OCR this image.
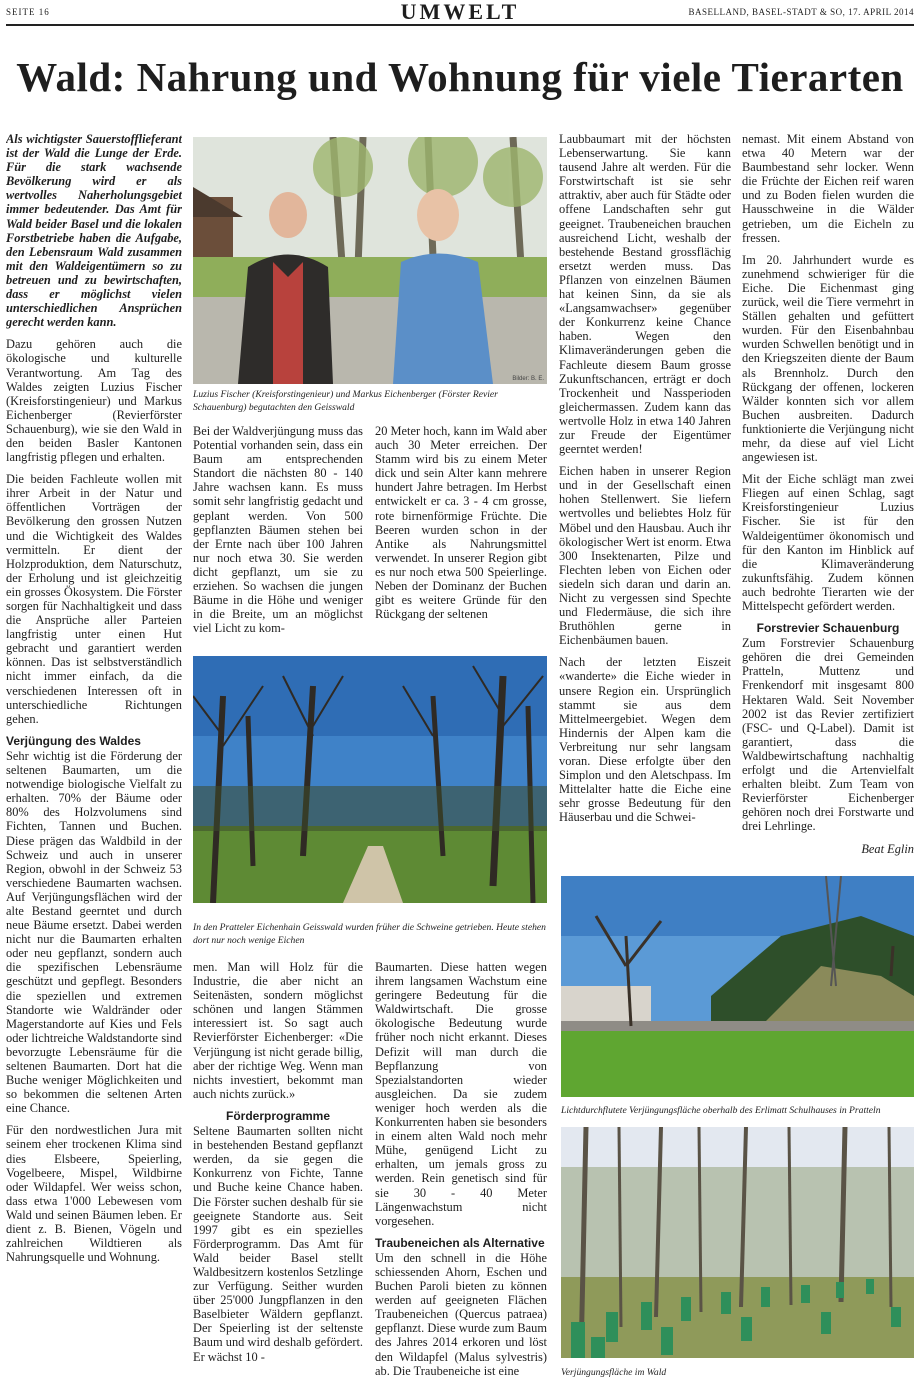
SEITE 16	UMWELT	BASELLAND, BASEL-STADT & SO, 17. APRIL 2014
Wald: Nahrung und Wohnung für viele Tierarten

Als wichtigster Sauerstofflieferant ist der Wald die Lunge der Erde. Für die stark wachsende Bevölkerung wird er als wertvolles Naherholungsgebiet immer bedeutender. Das Amt für Wald beider Basel und die lokalen Forstbetriebe haben die Aufgabe, den Lebensraum Wald zusammen mit den Waldeigentümern so zu betreuen und zu bewirtschaften, dass er möglichst vielen unterschiedlichen Ansprüchen gerecht werden kann.

Dazu gehören auch die ökologische und kulturelle Verantwortung. Am Tag des Waldes zeigten Luzius Fischer (Kreisforstingenieur) und Markus Eichenberger (Revierförster Schauenburg), wie sie den Wald in den beiden Basler Kantonen langfristig pflegen und erhalten.

Die beiden Fachleute wollen mit ihrer Arbeit in der Natur und öffentlichen Vorträgen der Bevölkerung den grossen Nutzen und die Wichtigkeit des Waldes vermitteln. Er dient der Holzproduktion, dem Naturschutz, der Erholung und ist gleichzeitig ein grosses Ökosystem. Die Förster sorgen für Nachhaltigkeit und dass die Ansprüche aller Parteien langfristig unter einen Hut gebracht und garantiert werden können. Das ist selbstverständlich nicht immer einfach, da die verschiedenen Interessen oft in unterschiedliche Richtungen gehen.

Verjüngung des Waldes

Sehr wichtig ist die Förderung der seltenen Baumarten, um die notwendige biologische Vielfalt zu erhalten. 70% der Bäume oder 80% des Holzvolumens sind Fichten, Tannen und Buchen. Diese prägen das Waldbild in der Schweiz und auch in unserer Region, obwohl in der Schweiz 53 verschiedene Baumarten wachsen. Auf Verjüngungsflächen wird der alte Bestand geerntet und durch neue Bäume ersetzt. Dabei werden nicht nur die Baumarten erhalten oder neu gepflanzt, sondern auch die spezifischen Lebensräume geschützt und gepflegt. Besonders die speziellen und extremen Standorte wie Waldränder oder Magerstandorte auf Kies und Fels oder lichtreiche Waldstandorte sind bevorzugte Lebensräume für die seltenen Baumarten. Dort hat die Buche weniger Möglichkeiten und so bekommen die seltenen Arten eine Chance.

Für den nordwestlichen Jura mit seinem eher trockenen Klima sind dies Elsbeere, Speierling, Vogelbeere, Mispel, Wildbirne oder Wildapfel. Wer weiss schon, dass etwa 1'000 Lebewesen vom Wald und seinen Bäumen leben. Er dient z. B. Bienen, Vögeln und zahlreichen Wildtieren als Nahrungsquelle und Wohnung.

Bilder: B. E.
Luzius Fischer (Kreisforstingenieur) und Markus Eichenberger (Förster Revier Schauenburg) begutachten den Geisswald

Bei der Waldverjüngung muss das Potential vorhanden sein, dass ein Baum am entsprechenden Standort die nächsten 80 - 140 Jahre wachsen kann. Es muss somit sehr langfristig gedacht und geplant werden. Von 500 gepflanzten Bäumen stehen bei der Ernte nach über 100 Jahren nur noch etwa 30. Sie werden dicht gepflanzt, um sie zu erziehen. So wachsen die jungen Bäume in die Höhe und weniger in die Breite, um an möglichst viel Licht zu kom-

20 Meter hoch, kann im Wald aber auch 30 Meter erreichen. Der Stamm wird bis zu einem Meter dick und sein Alter kann mehrere hundert Jahre betragen. Im Herbst entwickelt er ca. 3 - 4 cm grosse, rote birnenförmige Früchte. Die Beeren wurden schon in der Antike als Nahrungsmittel verwendet. In unserer Region gibt es nur noch etwa 500 Speierlinge. Neben der Dominanz der Buchen gibt es weitere Gründe für den Rückgang der seltenen

In den Pratteler Eichenhain Geisswald wurden früher die Schweine getrieben. Heute stehen dort nur noch wenige Eichen

men. Man will Holz für die Industrie, die aber nicht an Seitenästen, sondern möglichst schönen und langen Stämmen interessiert ist. So sagt auch Revierförster Eichenberger: «Die Verjüngung ist nicht gerade billig, aber der richtige Weg. Wenn man nichts investiert, bekommt man auch nichts zurück.»

Förderprogramme

Seltene Baumarten sollten nicht in bestehenden Bestand gepflanzt werden, da sie gegen die Konkurrenz von Fichte, Tanne und Buche keine Chance haben. Die Förster suchen deshalb für sie geeignete Standorte aus. Seit 1997 gibt es ein spezielles Förderprogramm. Das Amt für Wald beider Basel stellt Waldbesitzern kostenlos Setzlinge zur Verfügung. Seither wurden über 25'000 Jungpflanzen in den Baselbieter Wäldern gepflanzt. Der Speierling ist der seltenste Baum und wird deshalb gefördert. Er wächst 10 -

Baumarten. Diese hatten wegen ihrem langsamen Wachstum eine geringere Bedeutung für die Waldwirtschaft. Die grosse ökologische Bedeutung wurde früher noch nicht erkannt. Dieses Defizit will man durch die Bepflanzung von Spezialstandorten wieder ausgleichen. Da sie zudem weniger hoch werden als die Konkurrenten haben sie besonders in einem alten Wald noch mehr Mühe, genügend Licht zu erhalten, um jemals gross zu werden. Rein genetisch sind für sie 30 - 40 Meter Längenwachstum nicht vorgesehen.

Traubeneichen als Alternative

Um den schnell in die Höhe schiessenden Ahorn, Eschen und Buchen Paroli bieten zu können werden auf geeigneten Flächen Traubeneichen (Quercus patraea) gepflanzt. Diese wurde zum Baum des Jahres 2014 erkoren und löst den Wildapfel (Malus sylvestris) ab. Die Traubeneiche ist eine

Laubbaumart mit der höchsten Lebenserwartung. Sie kann tausend Jahre alt werden. Für die Forstwirtschaft ist sie sehr attraktiv, aber auch für Städte oder offene Landschaften sehr gut geeignet. Traubeneichen brauchen ausreichend Licht, weshalb der bestehende Bestand grossflächig ersetzt werden muss. Das Pflanzen von einzelnen Bäumen hat keinen Sinn, da sie als «Langsamwachser» gegenüber der Konkurrenz keine Chance haben. Wegen den Klimaveränderungen geben die Fachleute diesem Baum grosse Zukunftschancen, erträgt er doch Trockenheit und Nassperioden gleichermassen. Zudem kann das wertvolle Holz in etwa 140 Jahren zur Freude der Eigentümer geerntet werden!

Eichen haben in unserer Region und in der Gesellschaft einen hohen Stellenwert. Sie liefern wertvolles und beliebtes Holz für Möbel und den Hausbau. Auch ihr ökologischer Wert ist enorm. Etwa 300 Insektenarten, Pilze und Flechten leben von Eichen oder siedeln sich daran und darin an. Nicht zu vergessen sind Spechte und Fledermäuse, die sich ihre Bruthöhlen gerne in Eichenbäumen bauen.

Nach der letzten Eiszeit «wanderte» die Eiche wieder in unsere Region ein. Ursprünglich stammt sie aus dem Mittelmeergebiet. Wegen dem Hindernis der Alpen kam die Verbreitung nur sehr langsam voran. Diese erfolgte über den Simplon und den Aletschpass. Im Mittelalter hatte die Eiche eine sehr grosse Bedeutung für den Häuserbau und die Schwei-

nemast. Mit einem Abstand von etwa 40 Metern war der Baumbestand sehr locker. Wenn die Früchte der Eichen reif waren und zu Boden fielen wurden die Hausschweine in die Wälder getrieben, um die Eicheln zu fressen.

Im 20. Jahrhundert wurde es zunehmend schwieriger für die Eiche. Die Eichenmast ging zurück, weil die Tiere vermehrt in Ställen gehalten und gefüttert wurden. Für den Eisenbahnbau wurden Schwellen benötigt und in den Kriegszeiten diente der Baum als Brennholz. Durch den Rückgang der offenen, lockeren Wälder konnten sich vor allem Buchen ausbreiten. Dadurch funktionierte die Verjüngung nicht mehr, da diese auf viel Licht angewiesen ist.

Mit der Eiche schlägt man zwei Fliegen auf einen Schlag, sagt Kreisforstingenieur Luzius Fischer. Sie ist für den Waldeigentümer ökonomisch und für den Kanton im Hinblick auf die Klimaveränderung zukunftsfähig. Zudem können auch bedrohte Tierarten wie der Mittelspecht gefördert werden.

Forstrevier Schauenburg

Zum Forstrevier Schauenburg gehören die drei Gemeinden Pratteln, Muttenz und Frenkendorf mit insgesamt 800 Hektaren Wald. Seit November 2002 ist das Revier zertifiziert (FSC- und Q-Label). Damit ist garantiert, dass die Waldbewirtschaftung nachhaltig erfolgt und die Artenvielfalt erhalten bleibt. Zum Team von Revierförster Eichenberger gehören noch drei Forstwarte und drei Lehrlinge.

Beat Eglin

Lichtdurchflutete Verjüngungsfläche oberhalb des Erlimatt Schulhauses in Pratteln
Verjüngungsfläche im Wald
